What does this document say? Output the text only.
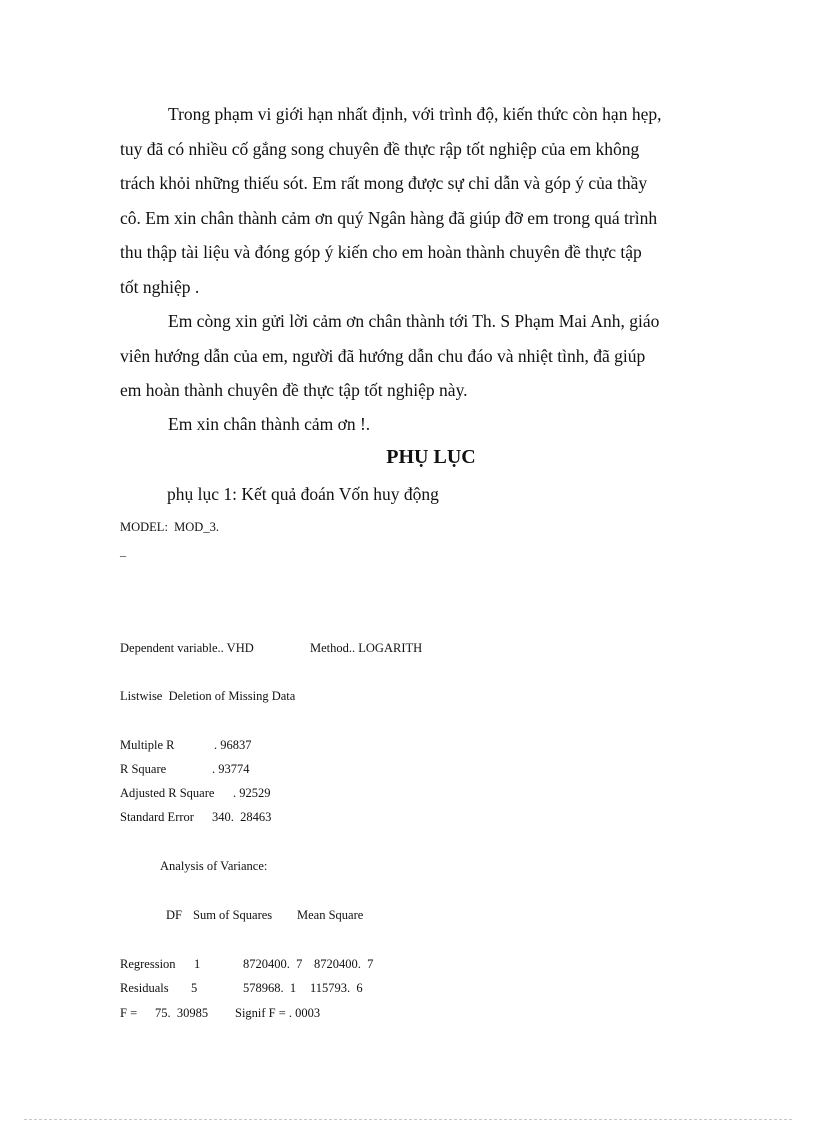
Trong phạm vi giới hạn nhất định, với trình độ, kiến thức còn hạn hẹp,
tuy đã có nhiều cố gắng song chuyên đề thực rập tốt nghiệp của em không
trách khỏi những thiếu sót. Em rất mong được sự chỉ dẫn và góp ý của thầy
cô. Em xin chân thành cảm ơn quý Ngân hàng đã giúp đỡ em trong quá trình
thu thập tài liệu và đóng góp ý kiến cho em hoàn thành chuyên đề thực tập
tốt nghiệp .
Em còng xin gửi lời cảm ơn chân thành tới Th. S Phạm Mai Anh, giáo
viên hướng dẫn của em, người đã hướng dẫn chu đáo và nhiệt tình, đã giúp
em hoàn thành chuyên đề thực tập tốt nghiệp này.
Em xin chân thành cảm ơn !.

PHỤ LỤC

phụ lục 1: Kết quả đoán Vốn huy động

MODEL:  MOD_3.

_

Dependent variable.. VHD	Method.. LOGARITH

Listwise  Deletion of Missing Data

Multiple R	. 96837

R Square	. 93774

Adjusted R Square . 92529

Standard Error 340.  28463

Analysis of Variance:

DF Sum of Squares Mean Square

Regression 1	8720400.  7 8720400.  7

Residuals 5	578968.  1 115793.  6

F = 75.  30985 Signif F = . 0003
